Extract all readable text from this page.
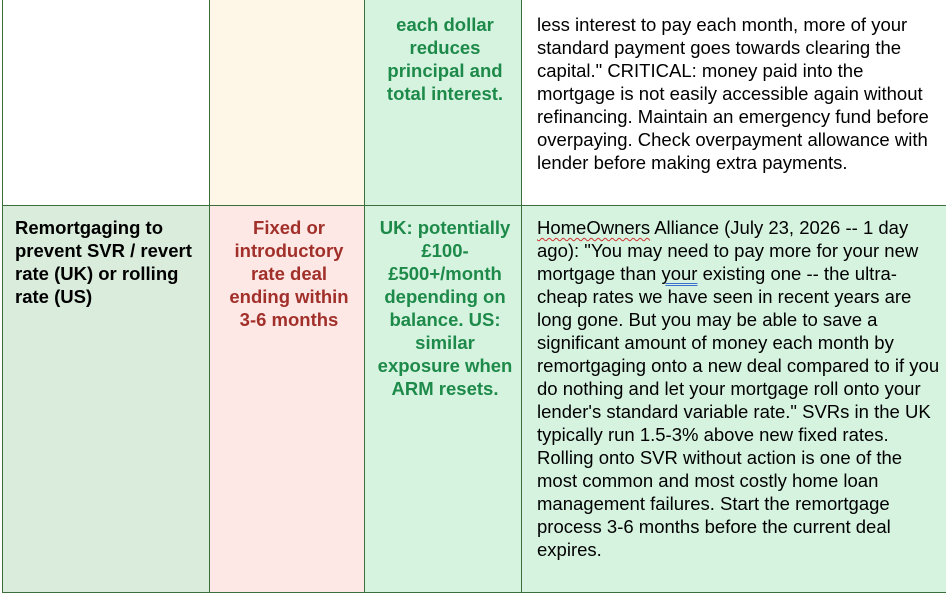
		each dollar reduces principal and total interest.	less interest to pay each month, more of your standard payment goes towards clearing the capital." CRITICAL: money paid into the mortgage is not easily accessible again without refinancing. Maintain an emergency fund before overpaying. Check overpayment allowance with lender before making extra payments.
Remortgaging to prevent SVR / revert rate (UK) or rolling rate (US)	Fixed or introductory rate deal ending within 3-6 months	UK: potentially £100-£500+/month depending on balance. US: similar exposure when ARM resets.	HomeOwners Alliance (July 23, 2026 -- 1 day ago): "You may need to pay more for your new mortgage than your existing one -- the ultra-cheap rates we have seen in recent years are long gone. But you may be able to save a significant amount of money each month by remortgaging onto a new deal compared to if you do nothing and let your mortgage roll onto your lender's standard variable rate." SVRs in the UK typically run 1.5-3% above new fixed rates. Rolling onto SVR without action is one of the most common and most costly home loan management failures. Start the remortgage process 3-6 months before the current deal expires.
